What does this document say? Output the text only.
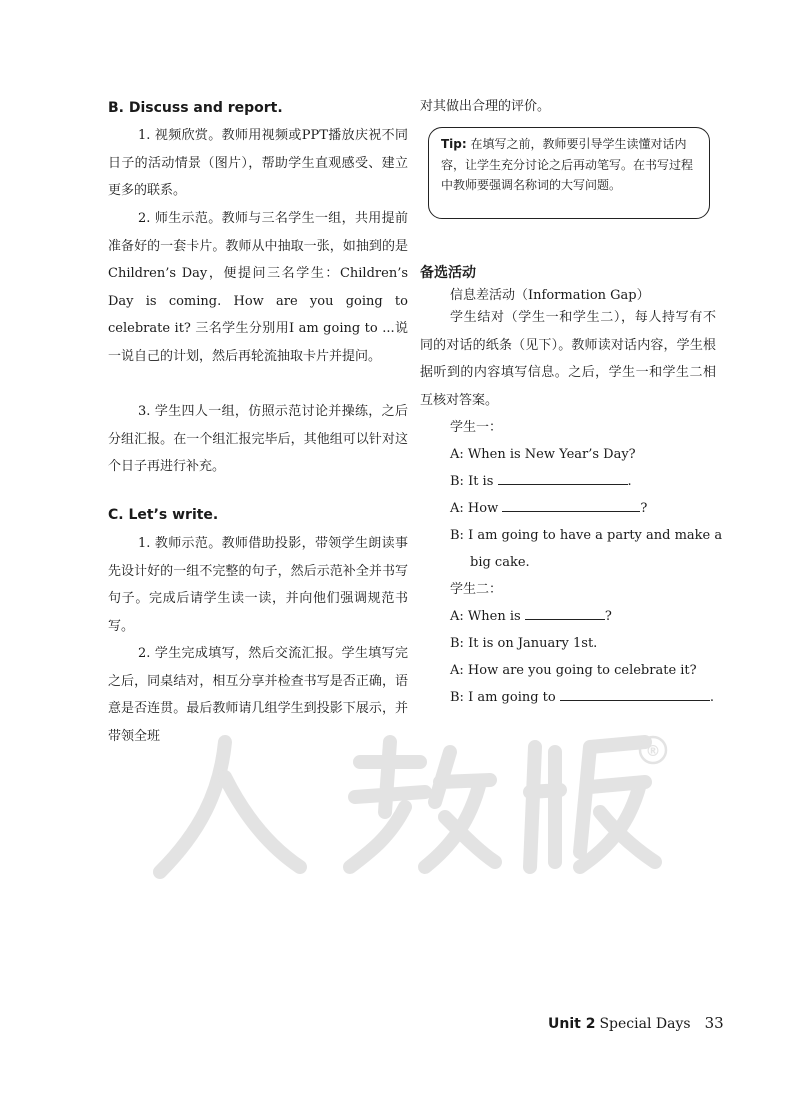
B. Discuss and report.

1. 视频欣赏。教师用视频或PPT播放庆祝不同日子的活动情景（图片），帮助学生直观感受、建立更多的联系。

2. 师生示范。教师与三名学生一组，共用提前准备好的一套卡片。教师从中抽取一张，如抽到的是Children’s Day，便提问三名学生：Children’s Day is coming. How are you going to celebrate it? 三名学生分别用I am going to ...说一说自己的计划，然后再轮流抽取卡片并提问。

3. 学生四人一组，仿照示范讨论并操练，之后分组汇报。在一个组汇报完毕后，其他组可以针对这个日子再进行补充。

C. Let’s write.

1. 教师示范。教师借助投影，带领学生朗读事先设计好的一组不完整的句子，然后示范补全并书写句子。完成后请学生读一读，并向他们强调规范书写。

2. 学生完成填写，然后交流汇报。学生填写完之后，同桌结对，相互分享并检查书写是否正确，语意是否连贯。最后教师请几组学生到投影下展示，并带领全班

对其做出合理的评价。
Tip: 在填写之前，教师要引导学生读懂对话内容，让学生充分讨论之后再动笔写。在书写过程中教师要强调名称词的大写问题。
备选活动
信息差活动（Information Gap）

学生结对（学生一和学生二），每人持写有不同的对话的纸条（见下）。教师读对话内容，学生根据听到的内容填写信息。之后，学生一和学生二相互核对答案。

学生一：
A: When is New Year’s Day?
B: It is	.
A: How	?
B: I am going to have a party and make a
big cake.
学生二：
A: When is	?
B: It is on January 1st.
A: How are you going to celebrate it?
B: I am going to	.
®
Unit 2 Special Days 33
